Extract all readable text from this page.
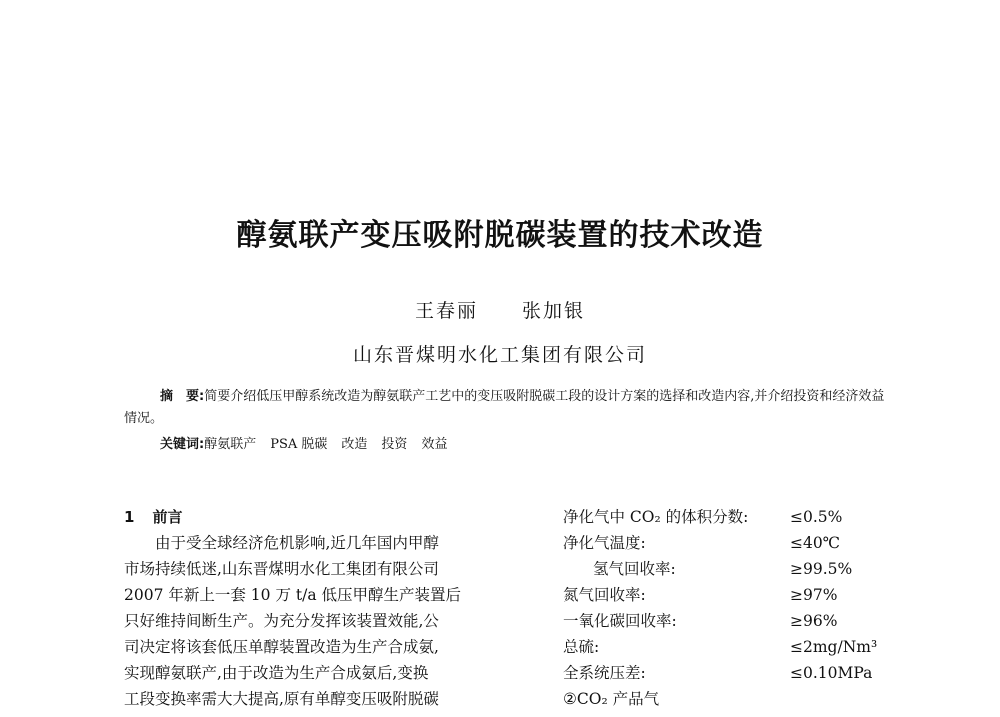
醇氨联产变压吸附脱碳装置的技术改造
王春丽 张加银
山东晋煤明水化工集团有限公司
摘　要:简要介绍低压甲醇系统改造为醇氨联产工艺中的变压吸附脱碳工段的设计方案的选择和改造内容,并介绍投资和经济效益情况。
关键词:醇氨联产 PSA 脱碳 改造 投资 效益
1 前言
　　由于受全球经济危机影响,近几年国内甲醇
市场持续低迷,山东晋煤明水化工集团有限公司
2007 年新上一套 10 万 t/a 低压甲醇生产装置后
只好维持间断生产。为充分发挥该装置效能,公
司决定将该套低压单醇装置改造为生产合成氨,
实现醇氨联产,由于改造为生产合成氨后,变换
工段变换率需大大提高,原有单醇变压吸附脱碳
净化气中 CO₂ 的体积分数:	≤0.5%
净化气温度:	≤40℃
氢气回收率:	≥99.5%
氮气回收率:	≥97%
一氧化碳回收率:	≥96%
总硫:	≤2mg/Nm³
全系统压差:	≤0.10MPa
②CO₂ 产品气
